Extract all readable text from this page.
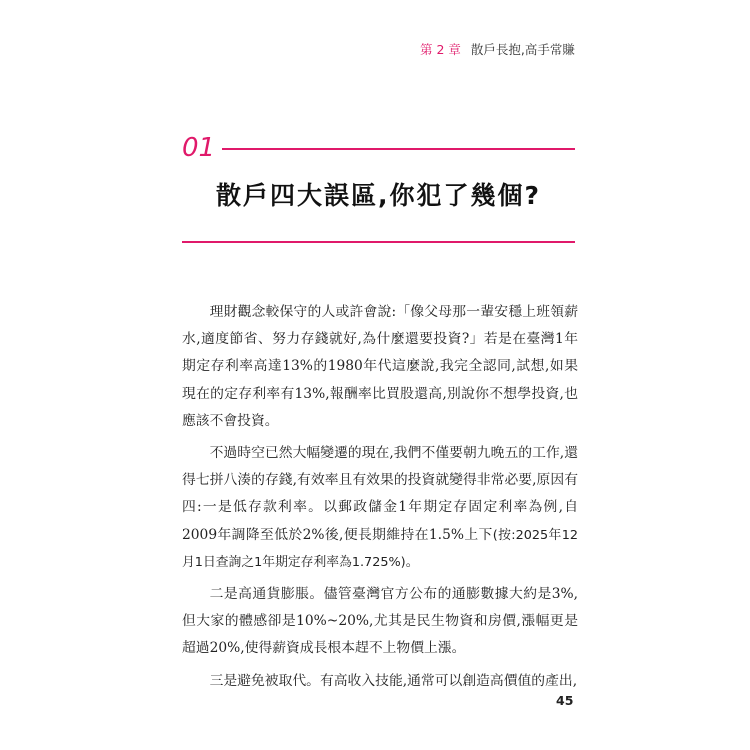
第 2 章 散戶長抱,高手常賺
01
散戶四大誤區,你犯了幾個?

理財觀念較保守的人或許會說:「像父母那一輩安穩上班領薪水,適度節省、努力存錢就好,為什麼還要投資?」若是在臺灣1年期定存利率高達13%的1980年代這麼說,我完全認同,試想,如果現在的定存利率有13%,報酬率比買股還高,別說你不想學投資,也應該不會投資。

不過時空已然大幅變遷的現在,我們不僅要朝九晚五的工作,還得七拼八湊的存錢,有效率且有效果的投資就變得非常必要,原因有四:一是低存款利率。以郵政儲金1年期定存固定利率為例,自2009年調降至低於2%後,便長期維持在1.5%上下(按:2025年12月1日查詢之1年期定存利率為1.725%)。

二是高通貨膨脹。儘管臺灣官方公布的通膨數據大約是3%,但大家的體感卻是10%~20%,尤其是民生物資和房價,漲幅更是超過20%,使得薪資成長根本趕不上物價上漲。

三是避免被取代。有高收入技能,通常可以創造高價值的產出,

45
